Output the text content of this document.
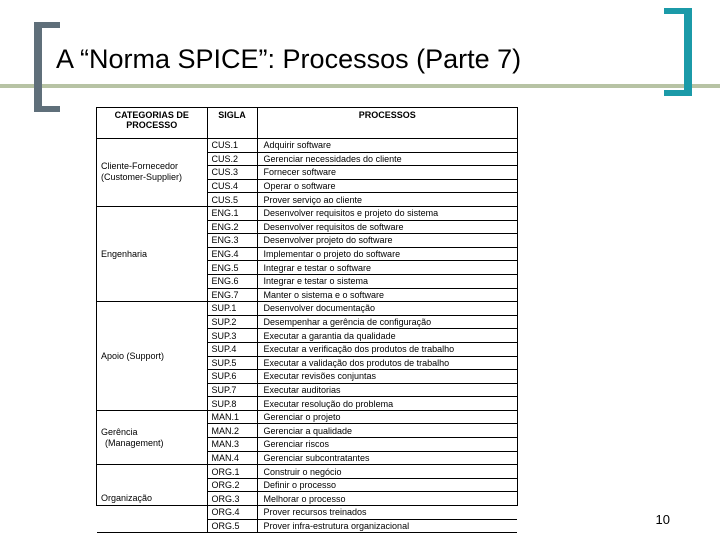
A “Norma SPICE”: Processos (Parte 7)
CATEGORIAS DE PROCESSO	SIGLA	PROCESSOS
Cliente-Fornecedor
(Customer-Supplier)	CUS.1	Adquirir software
	CUS.2	Gerenciar necessidades do cliente
	CUS.3	Fornecer software
	CUS.4	Operar o software
	CUS.5	Prover serviço ao cliente
Engenharia	ENG.1	Desenvolver requisitos e projeto do sistema
	ENG.2	Desenvolver requisitos de software
	ENG.3	Desenvolver projeto do software
	ENG.4	Implementar o projeto do software
	ENG.5	Integrar e testar o software
	ENG.6	Integrar e testar o sistema
	ENG.7	Manter o sistema e o software
Apoio (Support)	SUP.1	Desenvolver documentação
	SUP.2	Desempenhar a gerência de configuração
	SUP.3	Executar a garantia da qualidade
	SUP.4	Executar a verificação dos produtos de trabalho
	SUP.5	Executar a validação dos produtos de trabalho
	SUP.6	Executar revisões conjuntas
	SUP.7	Executar auditorias
	SUP.8	Executar resolução do problema
Gerência
(Management)	MAN.1	Gerenciar o projeto
	MAN.2	Gerenciar a qualidade
	MAN.3	Gerenciar riscos
	MAN.4	Gerenciar subcontratantes
Organização	ORG.1	Construir o negócio
	ORG.2	Definir o processo
	ORG.3	Melhorar o processo
	ORG.4	Prover recursos treinados
	ORG.5	Prover infra-estrutura organizacional	10
